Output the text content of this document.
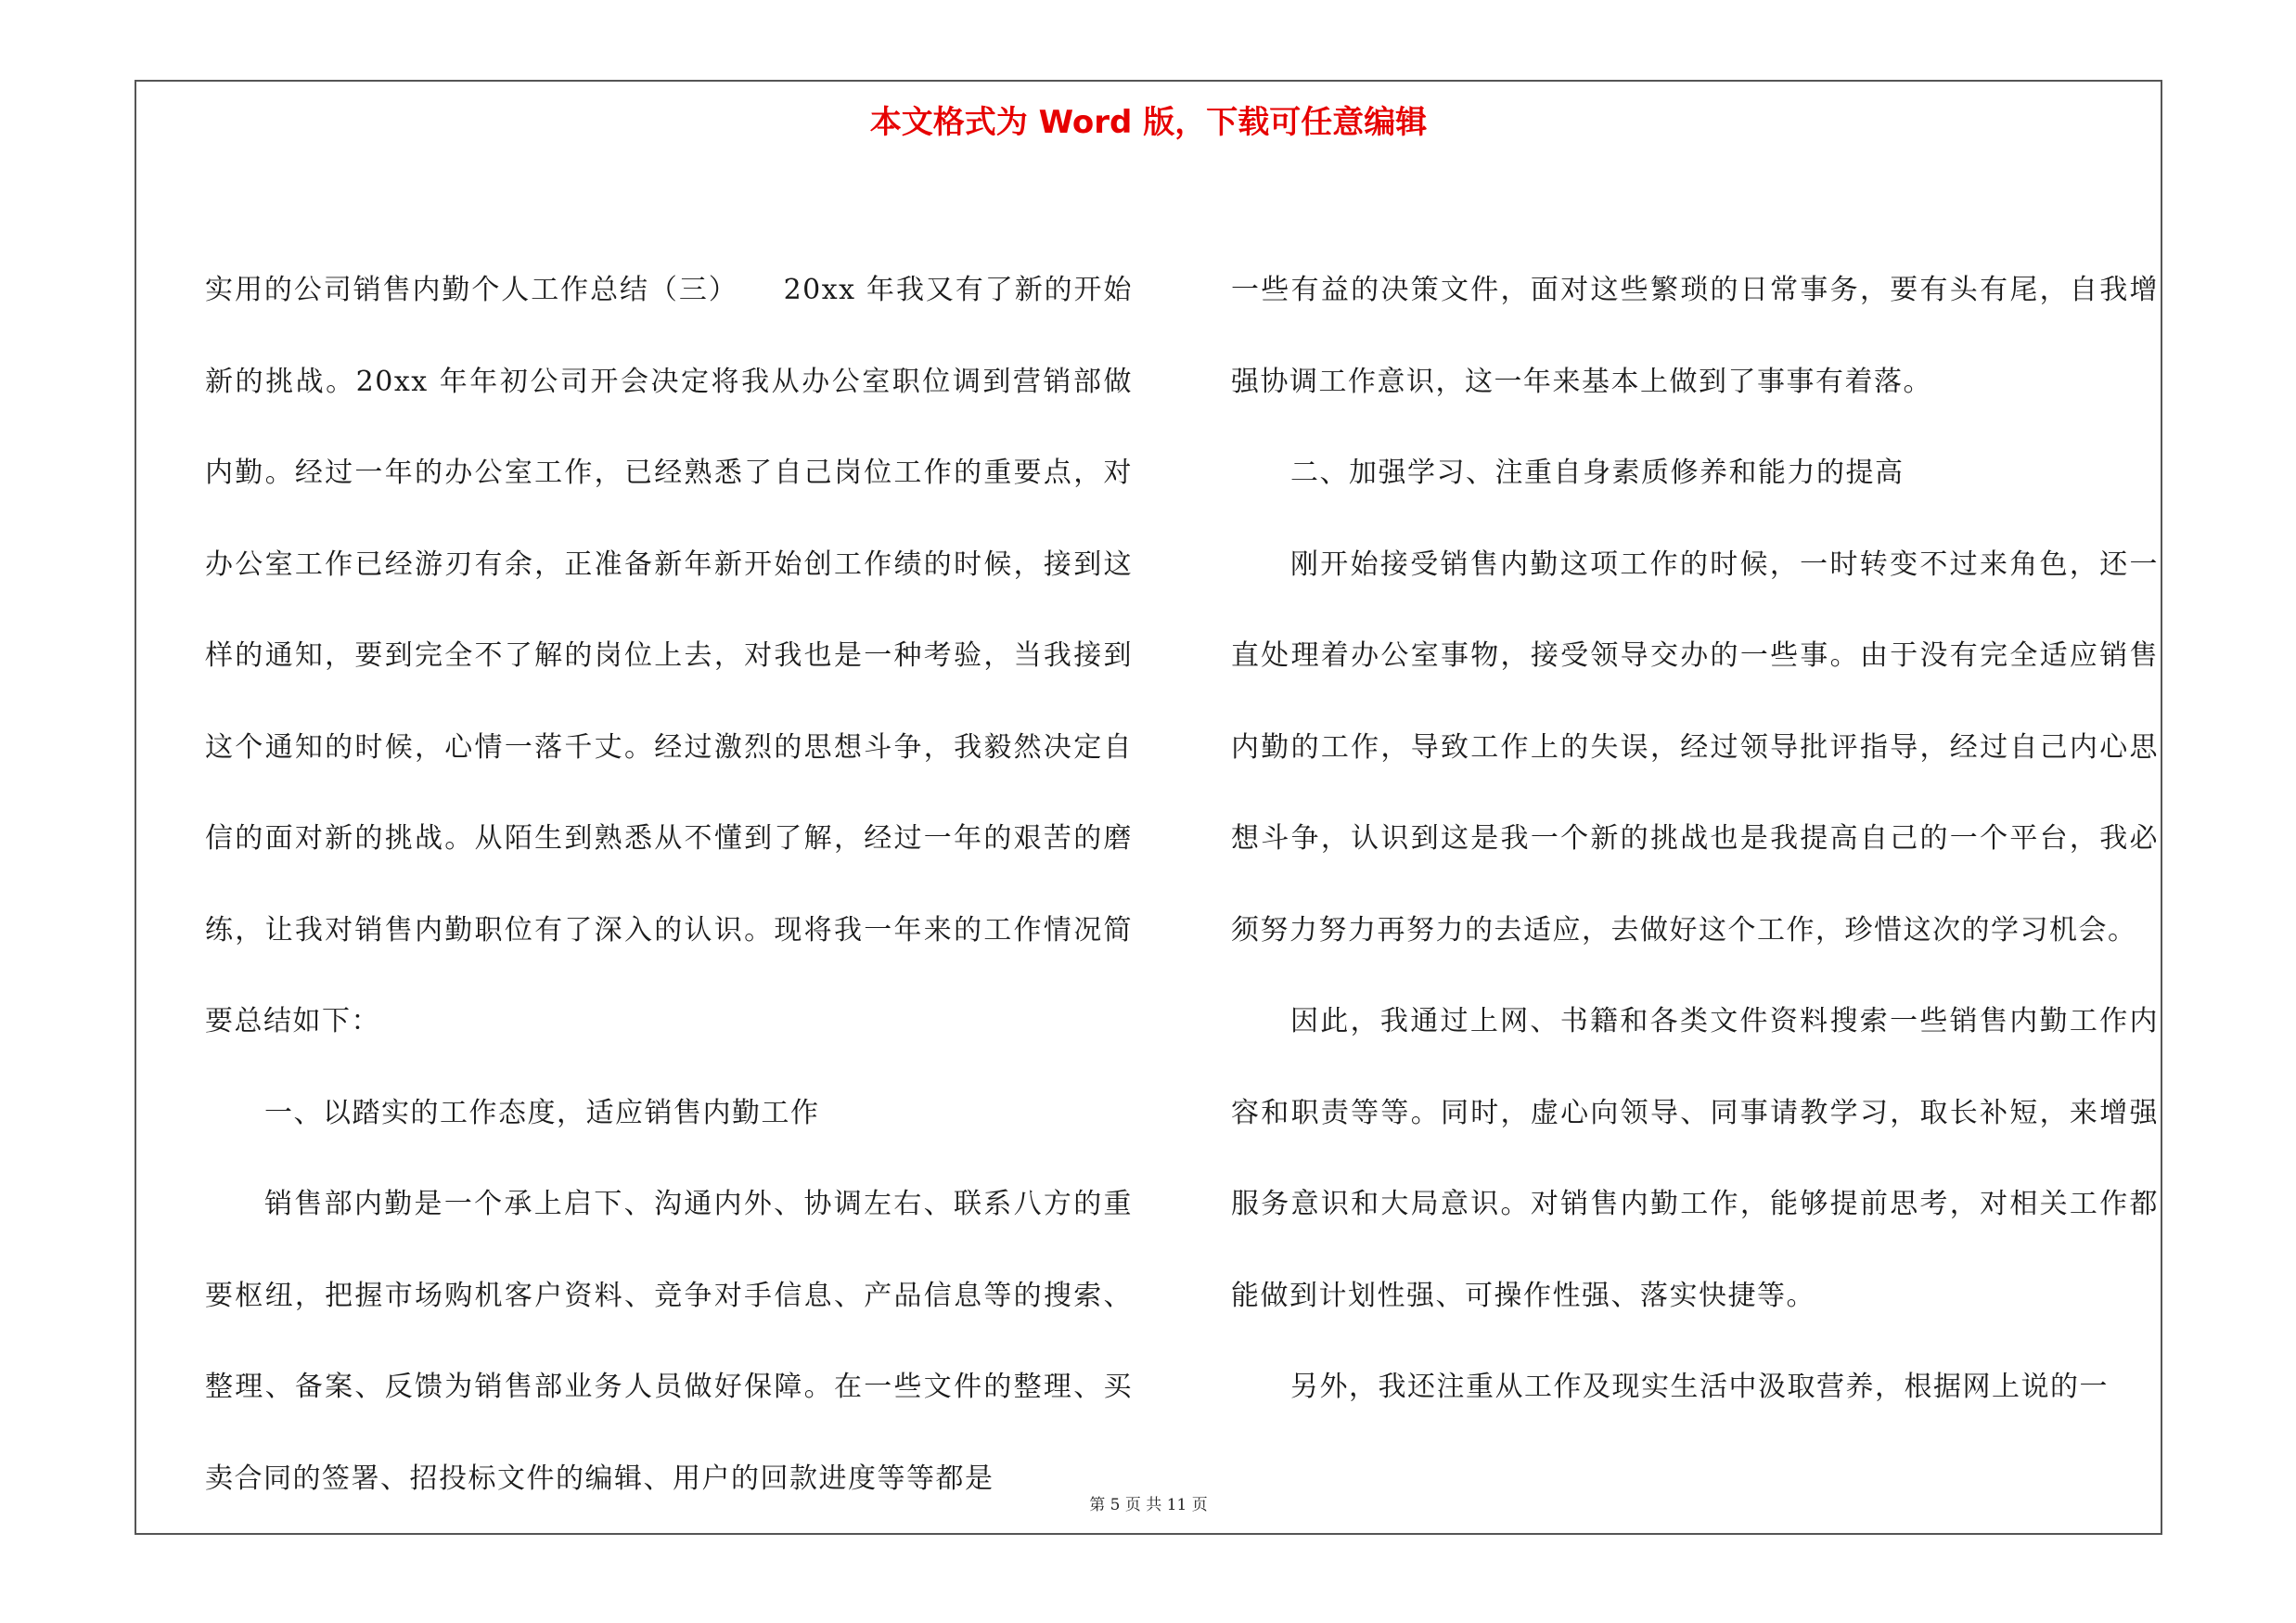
本文格式为 Word 版，下载可任意编辑

实用的公司销售内勤个人工作总结（三）　　20xx 年我又有了新的开始新的挑战。20xx 年年初公司开会决定将我从办公室职位调到营销部做内勤。经过一年的办公室工作，已经熟悉了自己岗位工作的重要点，对办公室工作已经游刃有余，正准备新年新开始创工作绩的时候，接到这样的通知，要到完全不了解的岗位上去，对我也是一种考验，当我接到这个通知的时候，心情一落千丈。经过激烈的思想斗争，我毅然决定自信的面对新的挑战。从陌生到熟悉从不懂到了解，经过一年的艰苦的磨练，让我对销售内勤职位有了深入的认识。现将我一年来的工作情况简要总结如下：

一、以踏实的工作态度，适应销售内勤工作

销售部内勤是一个承上启下、沟通内外、协调左右、联系八方的重要枢纽，把握市场购机客户资料、竞争对手信息、产品信息等的搜索、整理、备案、反馈为销售部业务人员做好保障。在一些文件的整理、买卖合同的签署、招投标文件的编辑、用户的回款进度等等都是

一些有益的决策文件，面对这些繁琐的日常事务，要有头有尾，自我增强协调工作意识，这一年来基本上做到了事事有着落。

二、加强学习、注重自身素质修养和能力的提高

刚开始接受销售内勤这项工作的时候，一时转变不过来角色，还一直处理着办公室事物，接受领导交办的一些事。由于没有完全适应销售内勤的工作，导致工作上的失误，经过领导批评指导，经过自己内心思想斗争，认识到这是我一个新的挑战也是我提高自己的一个平台，我必须努力努力再努力的去适应，去做好这个工作，珍惜这次的学习机会。

因此，我通过上网、书籍和各类文件资料搜索一些销售内勤工作内容和职责等等。同时，虚心向领导、同事请教学习，取长补短，来增强服务意识和大局意识。对销售内勤工作，能够提前思考，对相关工作都能做到计划性强、可操作性强、落实快捷等。

另外，我还注重从工作及现实生活中汲取营养，根据网上说的一

第 5 页 共 11 页
